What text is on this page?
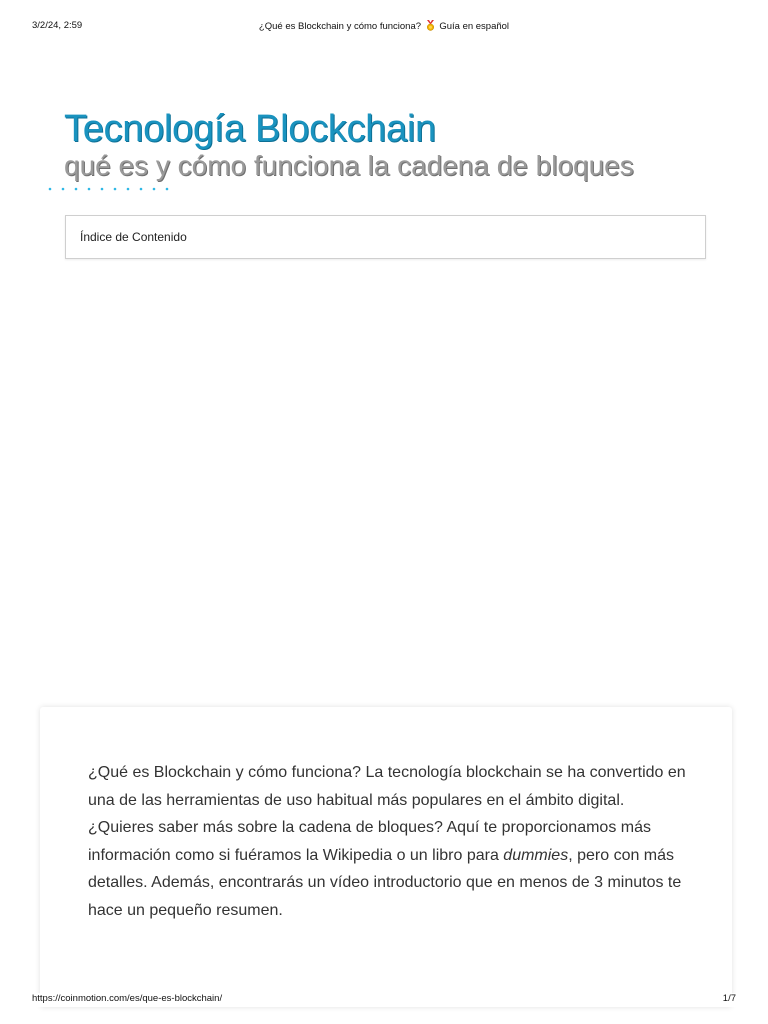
3/2/24, 2:59	¿Qué es Blockchain y cómo funciona? Guía en español
Tecnología Blockchain
qué es y cómo funciona la cadena de bloques
Índice de Contenido

¿Qué es Blockchain y cómo funciona? La tecnología blockchain se ha convertido en una de las herramientas de uso habitual más populares en el ámbito digital. ¿Quieres saber más sobre la cadena de bloques? Aquí te proporcionamos más información como si fuéramos la Wikipedia o un libro para dummies, pero con más detalles. Además, encontrarás un vídeo introductorio que en menos de 3 minutos te hace un pequeño resumen.

https://coinmotion.com/es/que-es-blockchain/	1/7
